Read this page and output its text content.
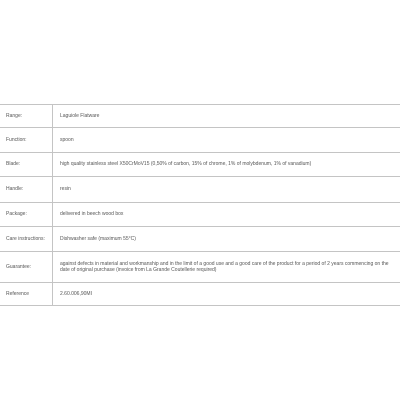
Range:	Laguiole Flatware
Function:	spoon
Blade:	high quality stainless steel X50CrMoV15 (0,50% of carbon, 15% of chrome, 1% of molybdenum, 1% of vanadium)
Handle:	resin
Package:	delivered in beech wood box
Care instructions:	Dishwasher safe (maximum 55°C)
Guarantee:	against defects in material and workmanship and in the limit of a good use and a good care of the product for a period of 2 years commencing on the date of original purchase (invoice from La Grande Coutellerie required)
Reference	2.60.006,90MI
